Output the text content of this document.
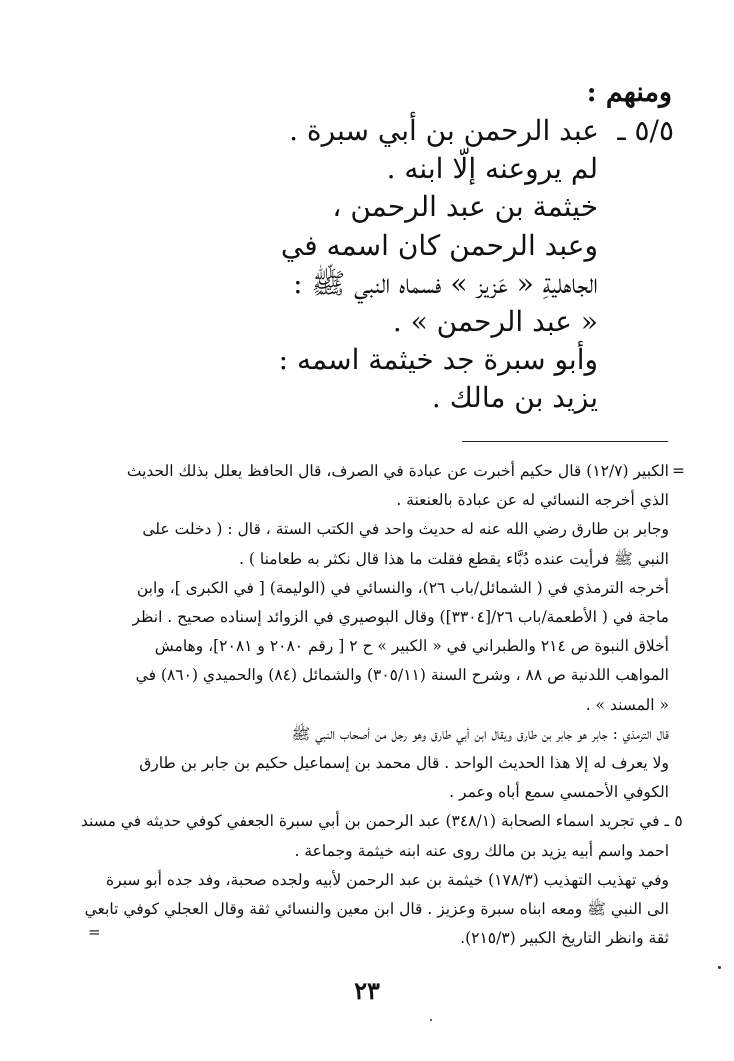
ومنهم :

٥/٥ ـ
عبد الرحمن بن أبي سبرة .

لم يروعنه إلّا ابنه .

خيثمة بن عبد الرحمن ،

وعبد الرحمن كان اسمه في

الجاهليةِ « عَزيز » فسماه النبي ﷺ :

« عبد الرحمن » .

وأبو سبرة جد خيثمة اسمه :

يزيد بن مالك .

=

الكبير (١٢/٧) قال حكيم أخبرت عن عبادة في الصرف، قال الحافظ يعلل بذلك الحديث

الذي أخرجه النسائي له عن عبادة بالعنعنة .

وجابر بن طارق رضي الله عنه له حديث واحد في الكتب الستة ، قال : ( دخلت على

النبي ﷺ فرأيت عنده دُبَّاء يقطع فقلت ما هذا قال نكثر به طعامنا ) .

أخرجه الترمذي في ( الشمائل/باب ٢٦)، والنسائي في (الوليمة) [ في الكبرى ]، وابن

ماجة في ( الأطعمة/باب ٢٦/[٣٣٠٤]) وقال البوصيري في الزوائد إسناده صحيح . انظر

أخلاق النبوة ص ٢١٤ والطبراني في « الكبير » ح ٢ [ رقم ٢٠٨٠ و ٢٠٨١]، وهامش

المواهب اللدنية ص ٨٨ ، وشرح السنة (٣٠٥/١١) والشمائل (٨٤) والحميدي (٨٦٠) في

« المسند » .

قال الترمذي : جابر هو جابر بن طارق ويقال ابن أبي طارق وهو رجل من أصحاب النبي ﷺ

ولا يعرف له إلا هذا الحديث الواحد . قال محمد بن إسماعيل حكيم بن جابر بن طارق

الكوفي الأحمسي سمع أباه وعمر .

٥

ـ في تجريد اسماء الصحابة (٣٤٨/١) عبد الرحمن بن أبي سبرة الجعفي كوفي حديثه في مسند

احمد واسم أبيه يزيد بن مالك روى عنه ابنه خيثمة وجماعة .

وفي تهذيب التهذيب (١٧٨/٣) خيثمة بن عبد الرحمن لأبيه ولجده صحبة، وفد جده أبو سبرة

الى النبي ﷺ ومعه ابناه سبرة وعزيز . قال ابن معين والنسائي ثقة وقال العجلي كوفي تابعي

ثقة وانظر التاريخ الكبير (٢١٥/٣).

=
٢٣
